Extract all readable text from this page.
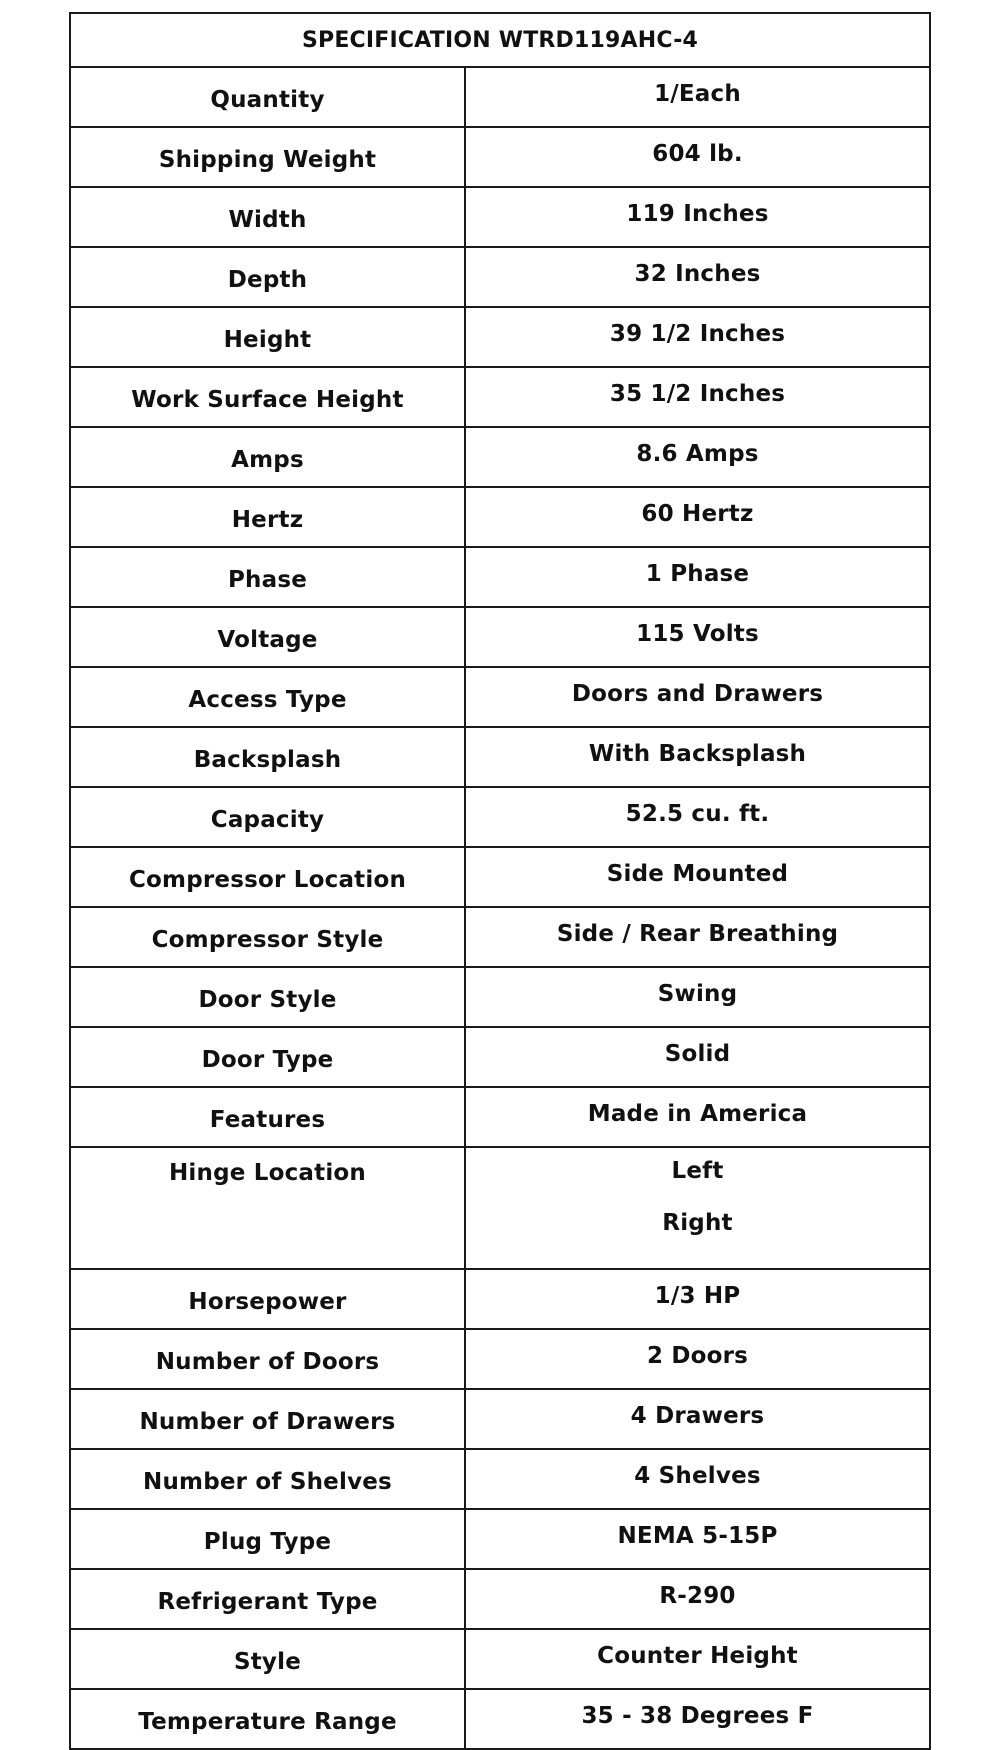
SPECIFICATION WTRD119AHC-4	
Quantity	1/Each

Shipping Weight	604 lb.

Width	119 Inches

Depth	32 Inches

Height	39 1/2 Inches

Work Surface Height	35 1/2 Inches

Amps	8.6 Amps

Hertz	60 Hertz

Phase	1 Phase

Voltage	115 Volts

Access Type	Doors and Drawers

Backsplash	With Backsplash

Capacity	52.5 cu. ft.

Compressor Location	Side Mounted

Compressor Style	Side / Rear Breathing

Door Style	Swing

Door Type	Solid

Features	Made in America

Hinge Location	Left
Right

Horsepower	1/3 HP

Number of Doors	2 Doors

Number of Drawers	4 Drawers

Number of Shelves	4 Shelves

Plug Type	NEMA 5-15P

Refrigerant Type	R-290

Style	Counter Height

Temperature Range	35 - 38 Degrees F
